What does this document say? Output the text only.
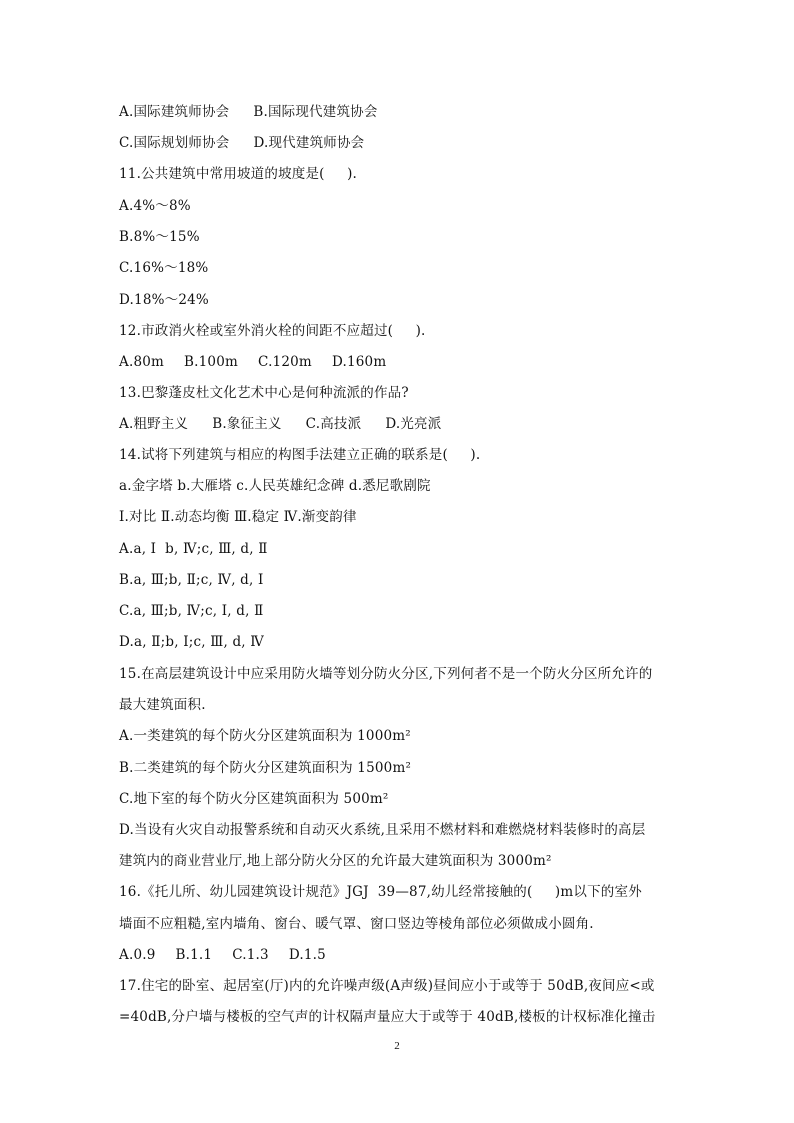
A.国际建筑师协会 B.国际现代建筑协会
C.国际规划师协会 D.现代建筑师协会
11.公共建筑中常用坡道的坡度是(     ).
A.4%～8%
B.8%～15%
C.16%～18%
D.18%～24%
12.市政消火栓或室外消火栓的间距不应超过(     ).
A.80m B.100m C.120m D.160m
13.巴黎蓬皮杜文化艺术中心是何种流派的作品?
A.粗野主义 B.象征主义 C.高技派 D.光亮派
14.试将下列建筑与相应的构图手法建立正确的联系是(     ).
a.金字塔 b.大雁塔 c.人民英雄纪念碑 d.悉尼歌剧院
Ⅰ.对比 Ⅱ.动态均衡 Ⅲ.稳定 Ⅳ.渐变韵律
A.a, Ⅰ  b, Ⅳ;c, Ⅲ, d, Ⅱ
B.a, Ⅲ;b, Ⅱ;c, Ⅳ, d, Ⅰ
C.a, Ⅲ;b, Ⅳ;c, Ⅰ, d, Ⅱ
D.a, Ⅱ;b, Ⅰ;c, Ⅲ, d, Ⅳ
15.在高层建筑设计中应采用防火墙等划分防火分区,下列何者不是一个防火分区所允许的
最大建筑面积.
A.一类建筑的每个防火分区建筑面积为 1000m²
B.二类建筑的每个防火分区建筑面积为 1500m²
C.地下室的每个防火分区建筑面积为 500m²
D.当设有火灾自动报警系统和自动灭火系统,且采用不燃材料和难燃烧材料装修时的高层
建筑内的商业营业厅,地上部分防火分区的允许最大建筑面积为 3000m²
16.《托儿所、幼儿园建筑设计规范》JGJ  39—87,幼儿经常接触的(     )m以下的室外
墙面不应粗糙,室内墙角、窗台、暖气罩、窗口竖边等棱角部位必须做成小圆角.
A.0.9 B.1.1 C.1.3 D.1.5
17.住宅的卧室、起居室(厅)内的允许噪声级(A声级)昼间应小于或等于 50dB,夜间应<或
=40dB,分户墙与楼板的空气声的计权隔声量应大于或等于 40dB,楼板的计权标准化撞击
2
